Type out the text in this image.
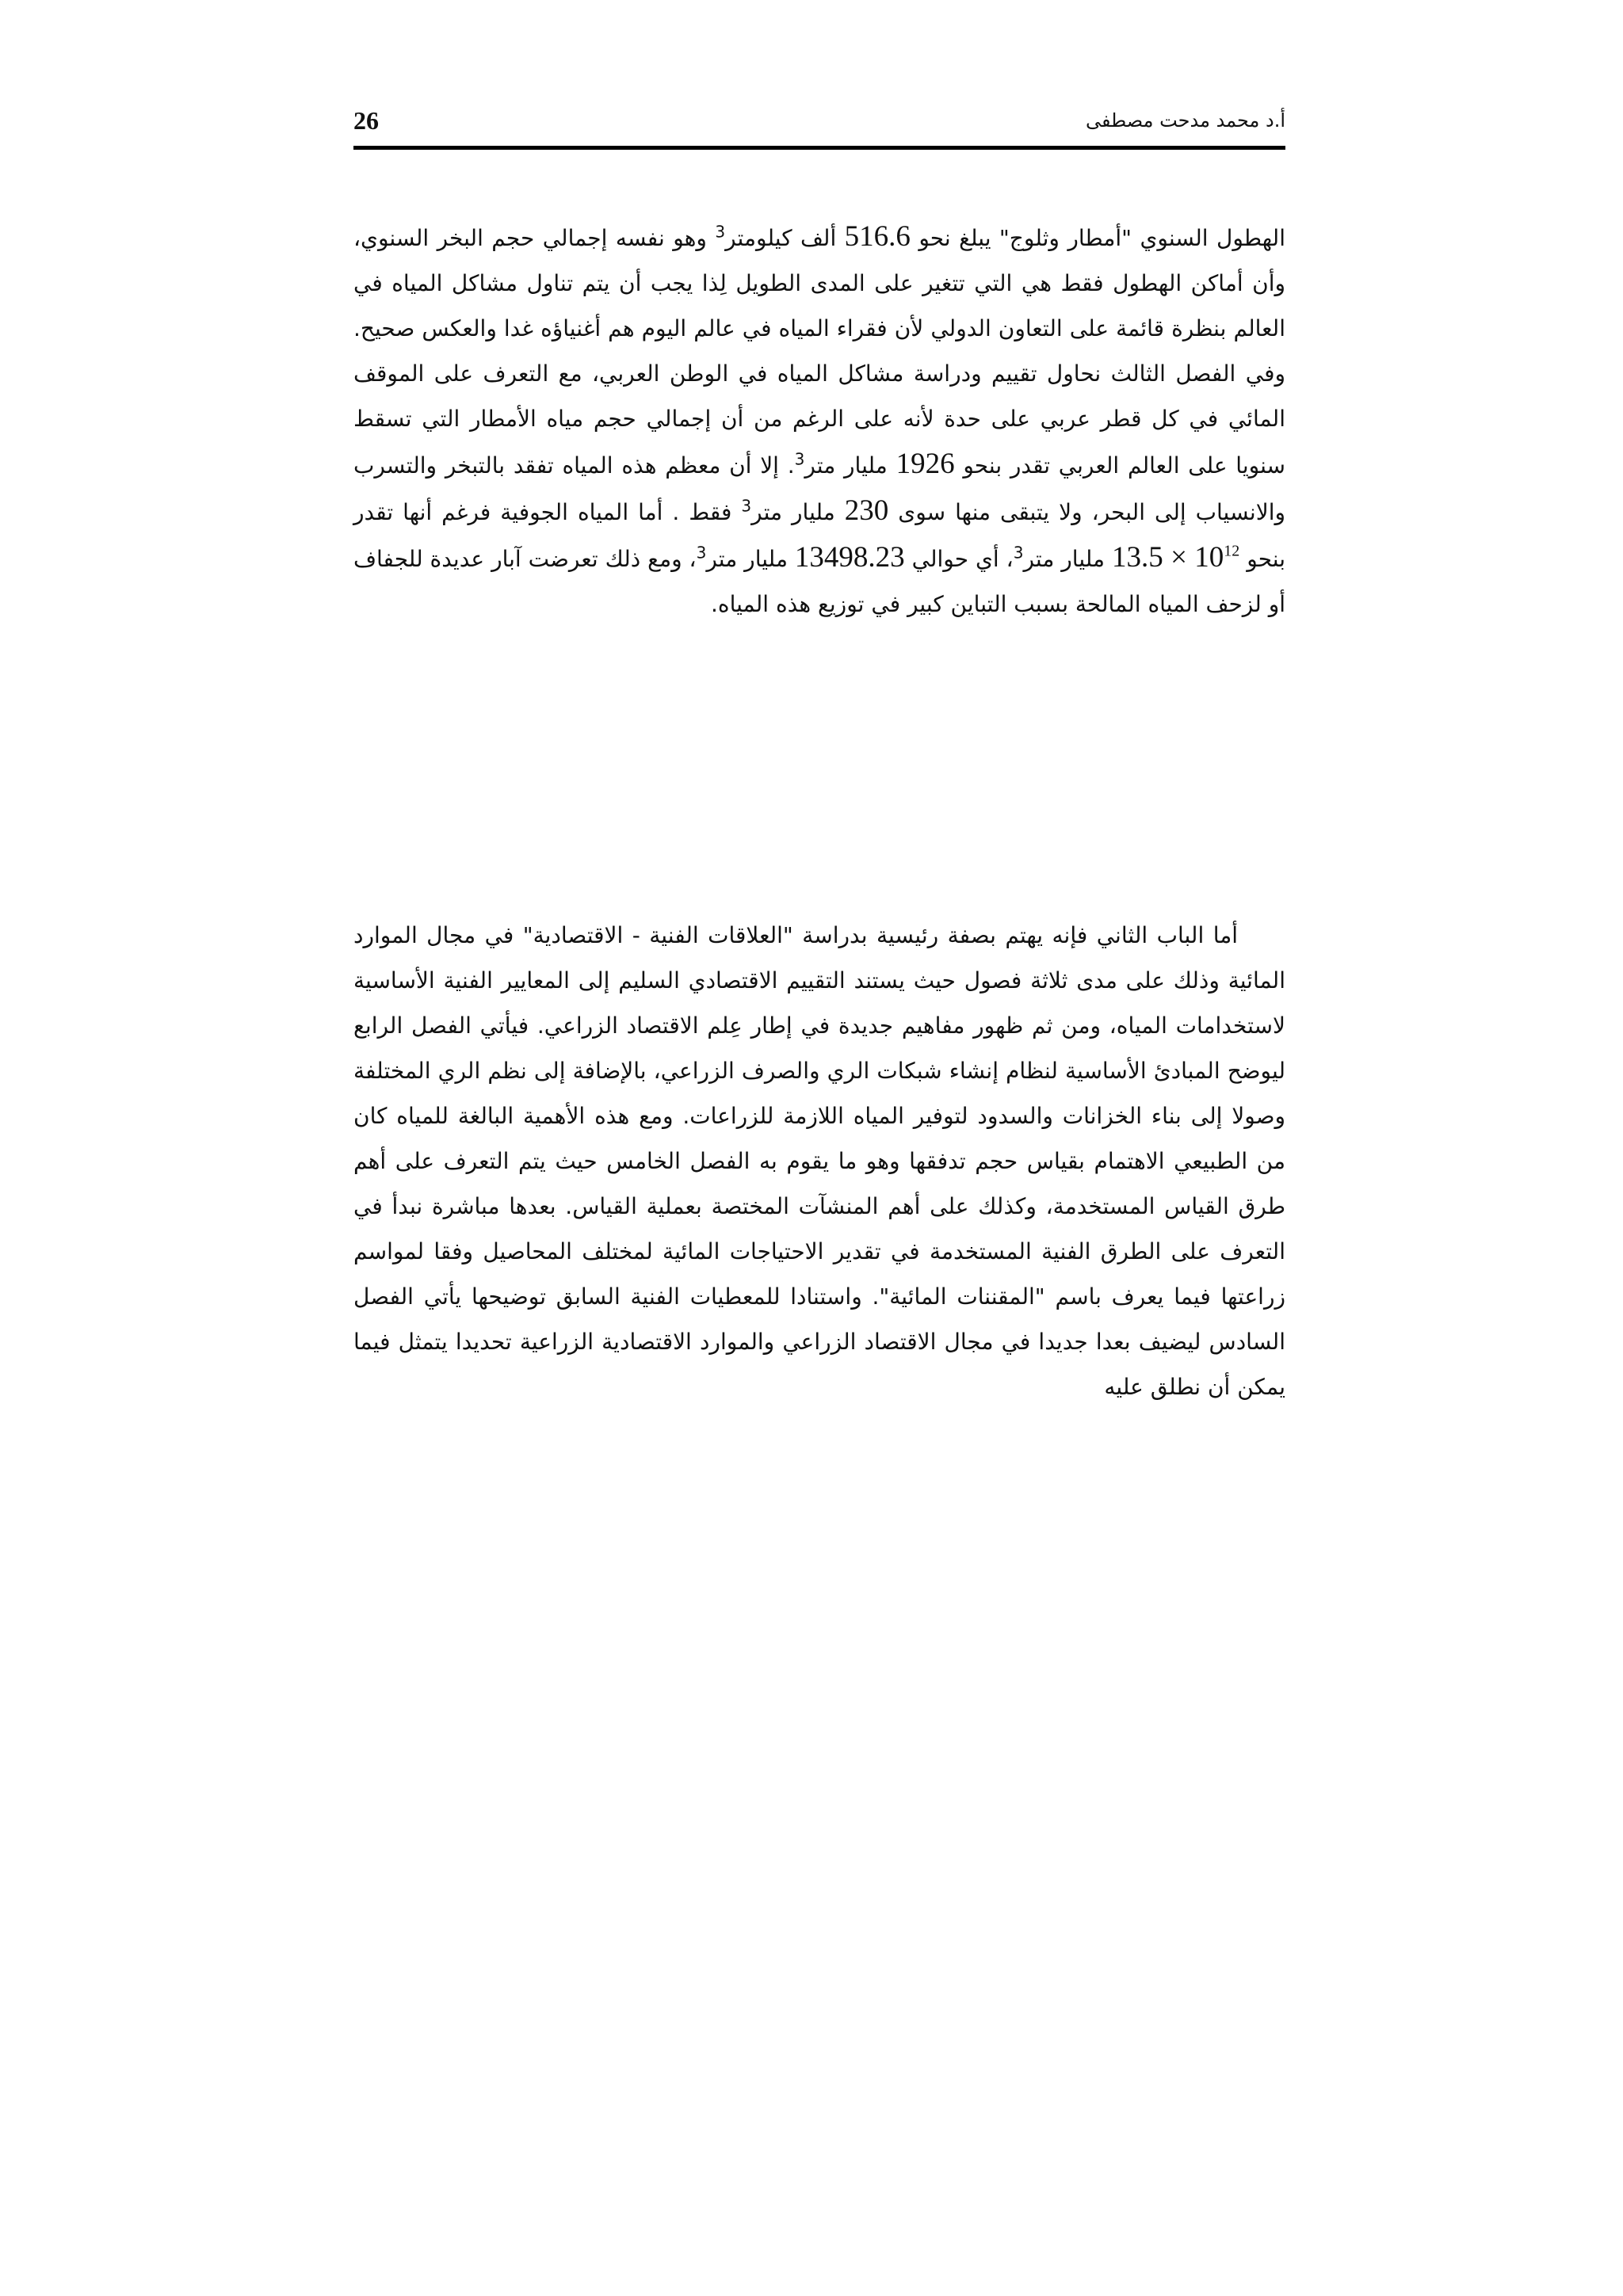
26	أ.د محمد مدحت مصطفى

الهطول السنوي "أمطار وثلوج" يبلغ نحو 516.6 ألف كيلومتر$^3$ وهو نفسه إجمالي حجم البخر السنوي، وأن أماكن الهطول فقط هي التي تتغير على المدى الطويل لِذا يجب أن يتم تناول مشاكل المياه في العالم بنظرة قائمة على التعاون الدولي لأن فقراء المياه في عالم اليوم هم أغنياؤه غدا والعكس صحيح. وفي الفصل الثالث نحاول تقييم ودراسة مشاكل المياه في الوطن العربي، مع التعرف على الموقف المائي في كل قطر عربي على حدة لأنه على الرغم من أن إجمالي حجم مياه الأمطار التي تسقط سنويا على العالم العربي تقدر بنحو 1926 مليار متر$^3$. إلا أن معظم هذه المياه تفقد بالتبخر والتسرب والانسياب إلى البحر، ولا يتبقى منها سوى 230 مليار متر$^3$ فقط . أما المياه الجوفية فرغم أنها تقدر بنحو $13.5 \times 10^{12}$ مليار متر$^3$، أي حوالي 13498.23 مليار متر$^3$، ومع ذلك تعرضت آبار عديدة للجفاف أو لزحف المياه المالحة بسبب التباين كبير في توزيع هذه المياه.

أما الباب الثاني فإنه يهتم بصفة رئيسية بدراسة "العلاقات الفنية - الاقتصادية" في مجال الموارد المائية وذلك على مدى ثلاثة فصول حيث يستند التقييم الاقتصادي السليم إلى المعايير الفنية الأساسية لاستخدامات المياه، ومن ثم ظهور مفاهيم جديدة في إطار عِلم الاقتصاد الزراعي. فيأتي الفصل الرابع ليوضح المبادئ الأساسية لنظام إنشاء شبكات الري والصرف الزراعي، بالإضافة إلى نظم الري المختلفة وصولا إلى بناء الخزانات والسدود لتوفير المياه اللازمة للزراعات. ومع هذه الأهمية البالغة للمياه كان من الطبيعي الاهتمام بقياس حجم تدفقها وهو ما يقوم به الفصل الخامس حيث يتم التعرف على أهم طرق القياس المستخدمة، وكذلك على أهم المنشآت المختصة بعملية القياس. بعدها مباشرة نبدأ في التعرف على الطرق الفنية المستخدمة في تقدير الاحتياجات المائية لمختلف المحاصيل وفقا لمواسم زراعتها فيما يعرف باسم "المقننات المائية". واستنادا للمعطيات الفنية السابق توضيحها يأتي الفصل السادس ليضيف بعدا جديدا في مجال الاقتصاد الزراعي والموارد الاقتصادية الزراعية تحديدا يتمثل فيما يمكن أن نطلق عليه
